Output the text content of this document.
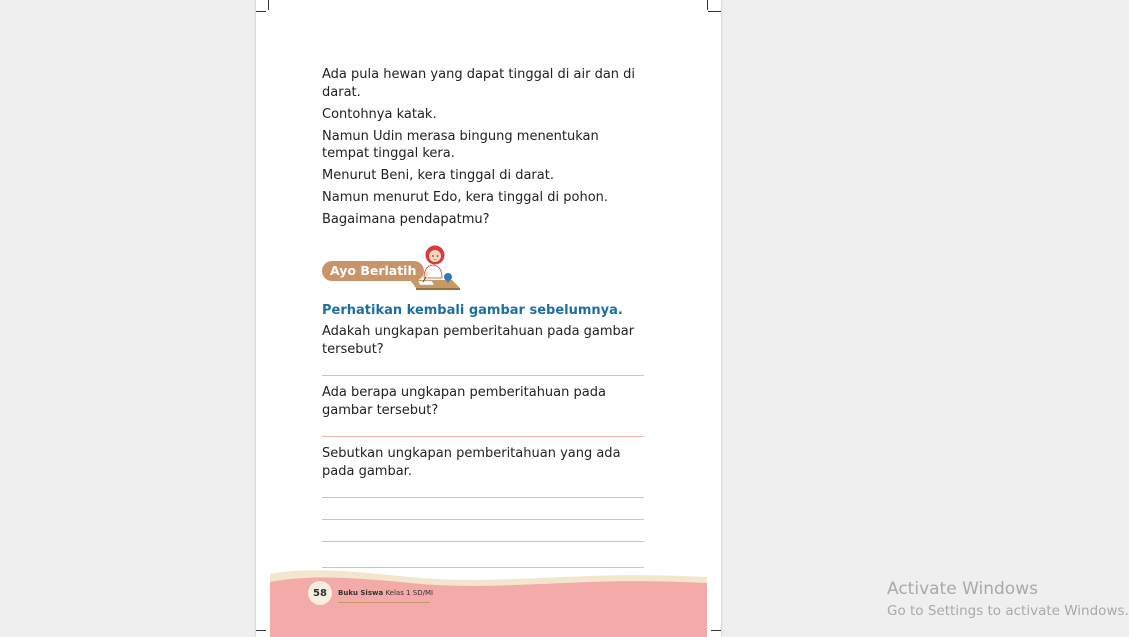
Ada pula hewan yang dapat tinggal di air dan di darat.

Contohnya katak.

Namun Udin merasa bingung menentukan tempat tinggal kera.

Menurut Beni, kera tinggal di darat.

Namun menurut Edo, kera tinggal di pohon.

Bagaimana pendapatmu?

Ayo Berlatih
Perhatikan kembali gambar sebelumnya.
Adakah ungkapan pemberitahuan pada gambar tersebut?
Ada berapa ungkapan pemberitahuan pada gambar tersebut?
Sebutkan ungkapan pemberitahuan yang ada pada gambar.
58	Buku Siswa Kelas 1 SD/MI	Activate Windows
Go to Settings to activate Windows.
